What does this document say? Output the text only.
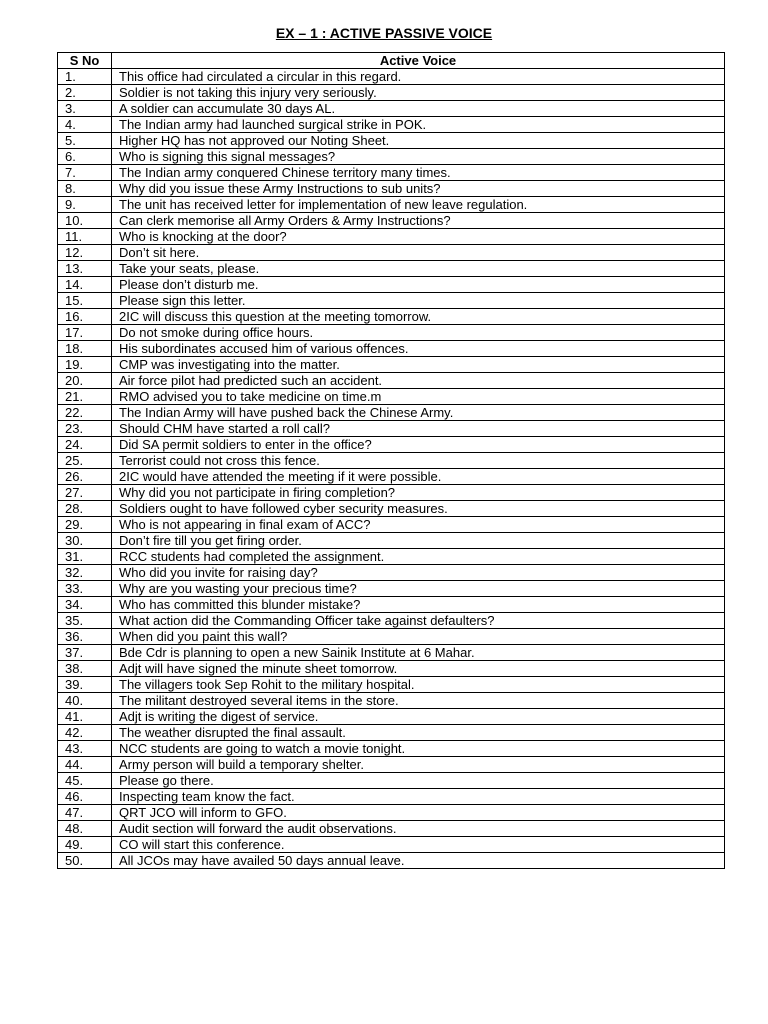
EX – 1 : ACTIVE PASSIVE VOICE
S No	Active Voice
1.	This office had circulated a circular in this regard.
2.	Soldier is not taking this injury very seriously.
3.	A soldier can accumulate 30 days AL.
4.	The Indian army had launched surgical strike in POK.
5.	Higher HQ has not approved our Noting Sheet.
6.	Who is signing this signal messages?
7.	The Indian army conquered Chinese territory many times.
8.	Why did you issue these Army Instructions to sub units?
9.	The unit has received letter for implementation of new leave regulation.
10.	Can clerk memorise all Army Orders & Army Instructions?
11.	Who is knocking at the door?
12.	Don’t sit here.
13.	Take your seats, please.
14.	Please don’t disturb me.
15.	Please sign this letter.
16.	2IC will discuss this question at the meeting tomorrow.
17.	Do not smoke during office hours.
18.	His subordinates accused him of various offences.
19.	CMP was investigating into the matter.
20.	Air force pilot had predicted such an accident.
21.	RMO advised you to take medicine on time.m
22.	The Indian Army will have pushed back the Chinese Army.
23.	Should CHM have started a roll call?
24.	Did SA permit soldiers to enter in the office?
25.	Terrorist could not cross this fence.
26.	2IC would have attended the meeting if it were possible.
27.	Why did you not participate in firing completion?
28.	Soldiers ought to have followed cyber security measures.
29.	Who is not appearing in final exam of ACC?
30.	Don’t fire till you get firing order.
31.	RCC students had completed the assignment.
32.	Who did you invite for raising day?
33.	Why are you wasting your precious time?
34.	Who has committed this blunder mistake?
35.	What action did the Commanding Officer take against defaulters?
36.	When did you paint this wall?
37.	Bde Cdr is planning to open a new Sainik Institute at 6 Mahar.
38.	Adjt will have signed the minute sheet tomorrow.
39.	The villagers took Sep Rohit to the military hospital.
40.	The militant destroyed several items in the store.
41.	Adjt is writing the digest of service.
42.	The weather disrupted the final assault.
43.	NCC students are going to watch a movie tonight.
44.	Army person will build a temporary shelter.
45.	Please go there.
46.	Inspecting team know the fact.
47.	QRT JCO will inform to GFO.
48.	Audit section will forward the audit observations.
49.	CO will start this conference.
50.	All JCOs may have availed 50 days annual leave.
